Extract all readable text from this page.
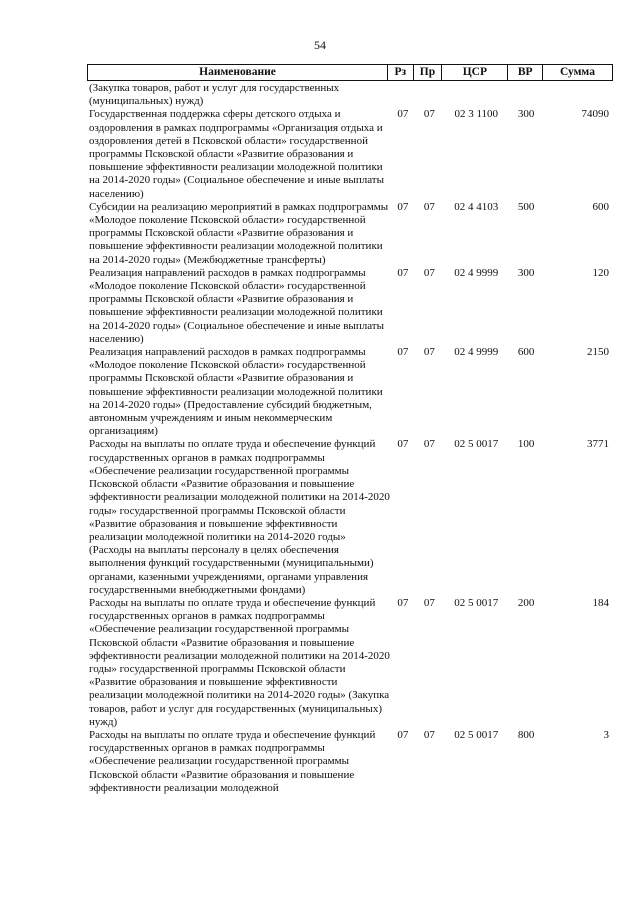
54
Наименование	Рз	Пр	ЦСР	ВР	Сумма
(Закупка товаров, работ и услуг для государственных (муниципальных) нужд)
Государственная поддержка сферы детского отдыха и оздоровления в рамках подпрограммы «Организация отдыха и оздоровления детей в Псковской области» государственной программы Псковской области «Развитие образования и повышение эффективности реализации молодежной политики на 2014-2020 годы» (Социальное обеспечение и иные выплаты населению)
07	07	02 3 1100	300	74090
Субсидии на реализацию мероприятий в рамках подпрограммы «Молодое поколение Псковской области» государственной программы Псковской области «Развитие образования и повышение эффективности реализации молодежной политики на 2014-2020 годы» (Межбюджетные трансферты)
07	07	02 4 4103	500	600
Реализация направлений расходов в рамках подпрограммы «Молодое поколение Псковской области» государственной программы Псковской области «Развитие образования и повышение эффективности реализации молодежной политики на 2014-2020 годы» (Социальное обеспечение и иные выплаты населению)
07	07	02 4 9999	300	120
Реализация направлений расходов в рамках подпрограммы «Молодое поколение Псковской области» государственной программы Псковской области «Развитие образования и повышение эффективности реализации молодежной политики на 2014-2020 годы» (Предоставление субсидий бюджетным, автономным учреждениям и иным некоммерческим организациям)
07	07	02 4 9999	600	2150
Расходы на выплаты по оплате труда и обеспечение функций государственных органов в рамках подпрограммы «Обеспечение реализации государственной программы Псковской области «Развитие образования и повышение эффективности реализации молодежной политики на 2014-2020 годы» государственной программы Псковской области «Развитие образования и повышение эффективности реализации молодежной политики на 2014-2020 годы» (Расходы на выплаты персоналу в целях обеспечения выполнения функций государственными (муниципальными) органами, казенными учреждениями, органами управления государственными внебюджетными фондами)
07	07	02 5 0017	100	3771
Расходы на выплаты по оплате труда и обеспечение функций государственных органов в рамках подпрограммы «Обеспечение реализации государственной программы Псковской области «Развитие образования и повышение эффективности реализации молодежной политики на 2014-2020 годы» государственной программы Псковской области «Развитие образования и повышение эффективности реализации молодежной политики на 2014-2020 годы» (Закупка товаров, работ и услуг для государственных (муниципальных) нужд)
07	07	02 5 0017	200	184
Расходы на выплаты по оплате труда и обеспечение функций государственных органов в рамках подпрограммы «Обеспечение реализации государственной программы Псковской области «Развитие образования и повышение эффективности реализации молодежной
07	07	02 5 0017	800	3
